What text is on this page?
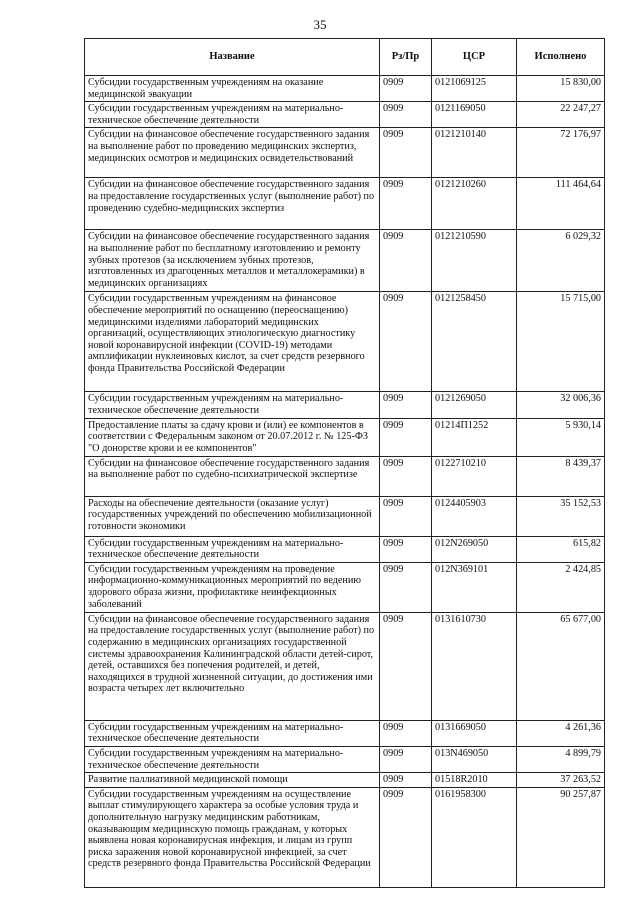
35
Название	Рз/Пр	ЦСР	Исполнено
Субсидии государственным учреждениям на оказание медицинской эвакуации	0909	0121069125	15 830,00
Субсидии государственным учреждениям на материально-техническое обеспечение деятельности	0909	0121169050	22 247,27
Субсидии на финансовое обеспечение государственного задания на выполнение работ по проведению медицинских экспертиз, медицинских осмотров и медицинских освидетельствований	0909	0121210140	72 176,97
Субсидии на финансовое обеспечение государственного задания на предоставление государственных услуг (выполнение работ) по проведению судебно-медицинских экспертиз	0909	0121210260	111 464,64
Субсидии на финансовое обеспечение государственного задания на выполнение работ по бесплатному изготовлению и ремонту зубных протезов (за исключением зубных протезов, изготовленных из драгоценных металлов и металлокерамики) в медицинских организациях	0909	0121210590	6 029,32
Субсидии государственным учреждениям на финансовое обеспечение мероприятий по оснащению (переоснащению) медицинскими изделиями лабораторий медицинских организаций, осуществляющих этиологическую диагностику новой коронавирусной инфекции (COVID-19) методами амплификации нуклеиновых кислот, за счет средств резервного фонда Правительства Российской Федерации	0909	0121258450	15 715,00
Субсидии государственным учреждениям на материально-техническое обеспечение деятельности	0909	0121269050	32 006,36
Предоставление платы за сдачу крови и (или) ее компонентов в соответствии с Федеральным законом от 20.07.2012 г. № 125-ФЗ "О донорстве крови и ее компонентов"	0909	01214П1252	5 930,14
Субсидии на финансовое обеспечение государственного задания на выполнение работ по судебно-психиатрической экспертизе	0909	0122710210	8 439,37
Расходы на обеспечение деятельности (оказание услуг) государственных учреждений по обеспечению мобилизационной готовности экономики	0909	0124405903	35 152,53
Субсидии государственным учреждениям на материально-техническое обеспечение деятельности	0909	012N269050	615,82
Субсидии государственным учреждениям на проведение информационно-коммуникационных мероприятий по ведению здорового образа жизни, профилактике неинфекционных заболеваний	0909	012N369101	2 424,85
Субсидии на финансовое обеспечение государственного задания на предоставление государственных услуг (выполнение работ) по содержанию в медицинских организациях государственной системы здравоохранения Калининградской области детей-сирот, детей, оставшихся без попечения родителей, и детей, находящихся в трудной жизненной ситуации, до достижения ими возраста четырех лет включительно	0909	0131610730	65 677,00
Субсидии государственным учреждениям на материально-техническое обеспечение деятельности	0909	0131669050	4 261,36
Субсидии государственным учреждениям на материально-техническое обеспечение деятельности	0909	013N469050	4 899,79
Развитие паллиативной медицинской помощи	0909	01518R2010	37 263,52
Субсидии государственным учреждениям на осуществление выплат стимулирующего характера за особые условия труда и дополнительную нагрузку медицинским работникам, оказывающим медицинскую помощь гражданам, у которых выявлена новая коронавирусная инфекция, и лицам из групп риска заражения новой коронавирусной инфекцией, за счет средств резервного фонда Правительства Российской Федерации	0909	0161958300	90 257,87
